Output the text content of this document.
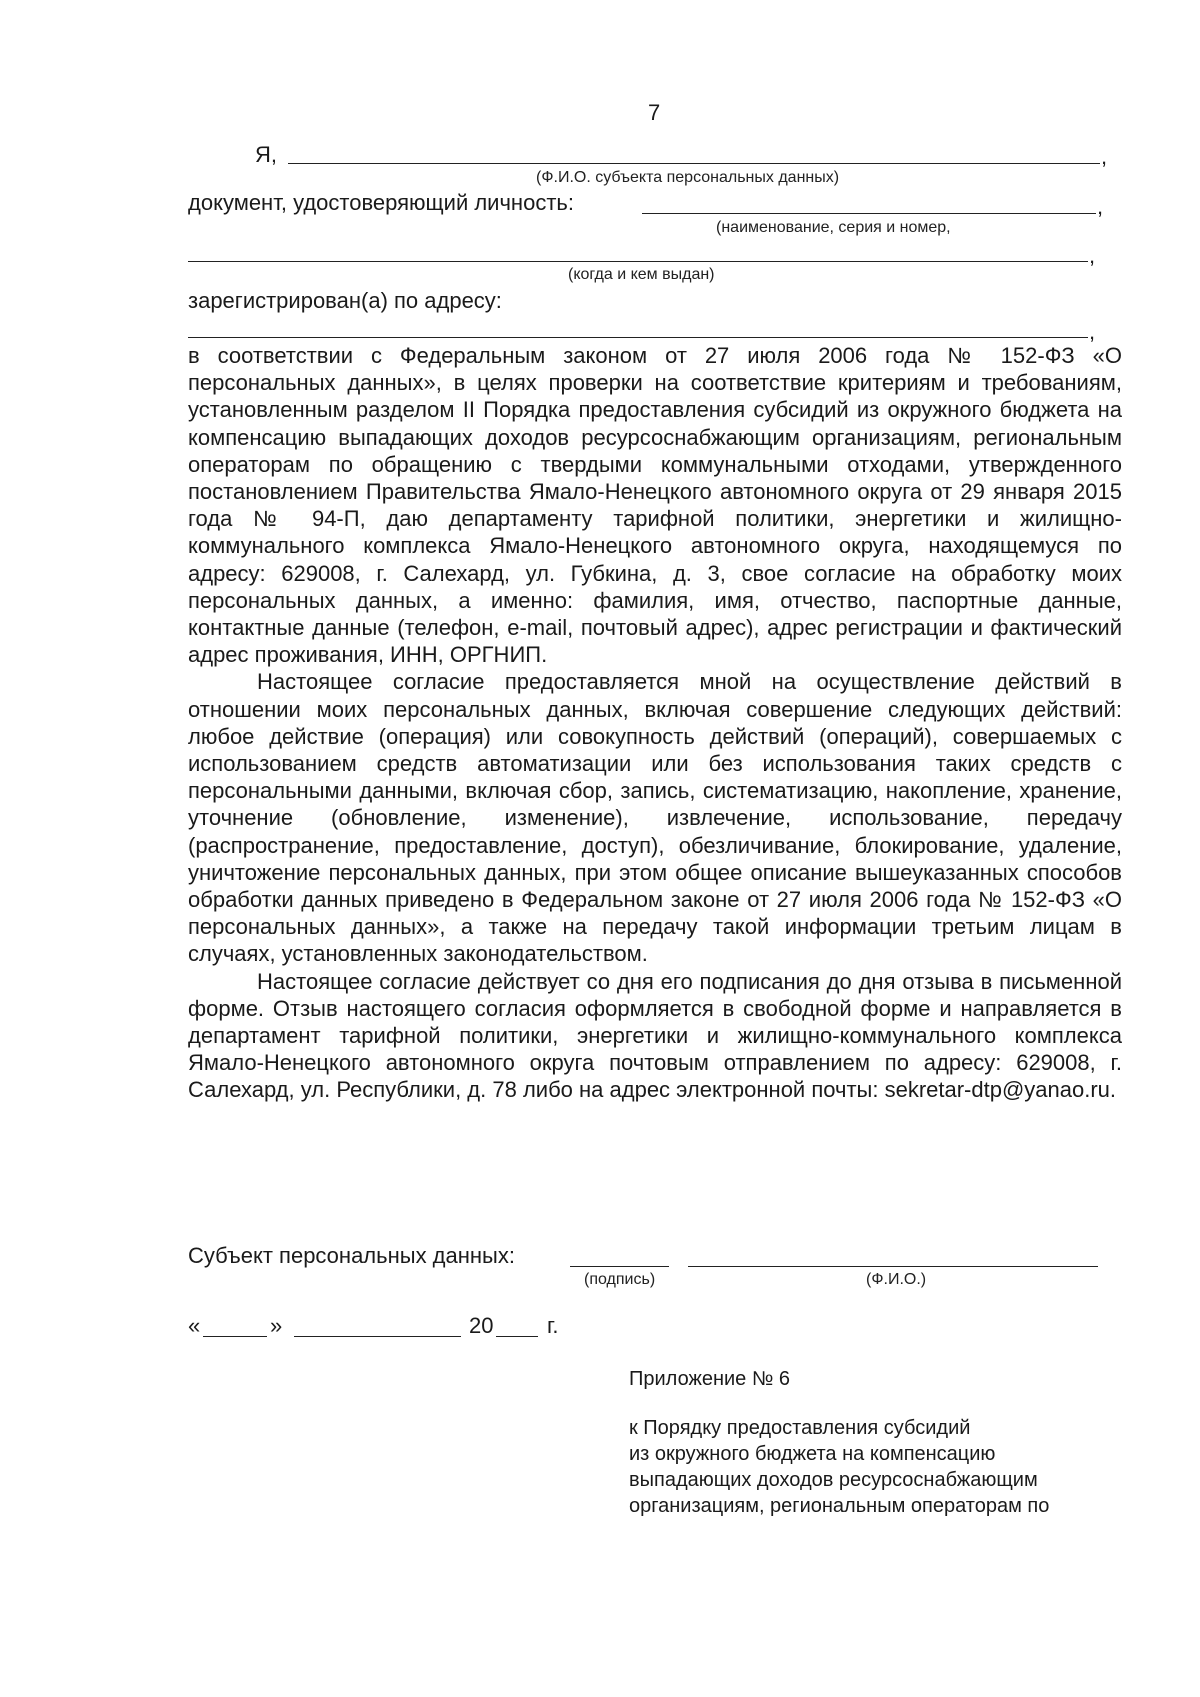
7
Я,	,
(Ф.И.О. субъекта персональных данных)
документ, удостоверяющий личность:	,
(наименование, серия и номер,
,
(когда и кем выдан)
зарегистрирован(а) по адресу:
,
в соответствии с Федеральным законом от 27 июля 2006 года № 152-ФЗ «О персональных данных», в целях проверки на соответствие критериям и требованиям, установленным разделом II Порядка предоставления субсидий из окружного бюджета на компенсацию выпадающих доходов ресурсоснабжающим организациям, региональным операторам по обращению с твердыми коммунальными отходами, утвержденного постановлением Правительства Ямало-Ненецкого автономного округа от 29 января 2015 года № 94-П, даю департаменту тарифной политики, энергетики и жилищно-коммунального комплекса Ямало-Ненецкого автономного округа, находящемуся по адресу: 629008, г. Салехард, ул. Губкина, д. 3, свое согласие на обработку моих персональных данных, а именно: фамилия, имя, отчество, паспортные данные, контактные данные (телефон, e-mail, почтовый адрес), адрес регистрации и фактический адрес проживания, ИНН, ОРГНИП.
Настоящее согласие предоставляется мной на осуществление действий в отношении моих персональных данных, включая совершение следующих действий: любое действие (операция) или совокупность действий (операций), совершаемых с использованием средств автоматизации или без использования таких средств с персональными данными, включая сбор, запись, систематизацию, накопление, хранение, уточнение (обновление, изменение), извлечение, использование, передачу (распространение, предоставление, доступ), обезличивание, блокирование, удаление, уничтожение персональных данных, при этом общее описание вышеуказанных способов обработки данных приведено в Федеральном законе от 27 июля 2006 года № 152-ФЗ «О персональных данных», а также на передачу такой информации третьим лицам в случаях, установленных законодательством.
Настоящее согласие действует со дня его подписания до дня отзыва в письменной форме. Отзыв настоящего согласия оформляется в свободной форме и направляется в департамент тарифной политики, энергетики и жилищно-коммунального комплекса Ямало-Ненецкого автономного округа почтовым отправлением по адресу: 629008, г. Салехард, ул. Республики, д. 78 либо на адрес электронной почты: sekretar-dtp@yanao.ru.
Субъект персональных данных:
(подпись)	(Ф.И.О.)
«	»	20 г.
Приложение № 6
к Порядку предоставления субсидий
из окружного бюджета на компенсацию
выпадающих доходов ресурсоснабжающим
организациям, региональным операторам по
